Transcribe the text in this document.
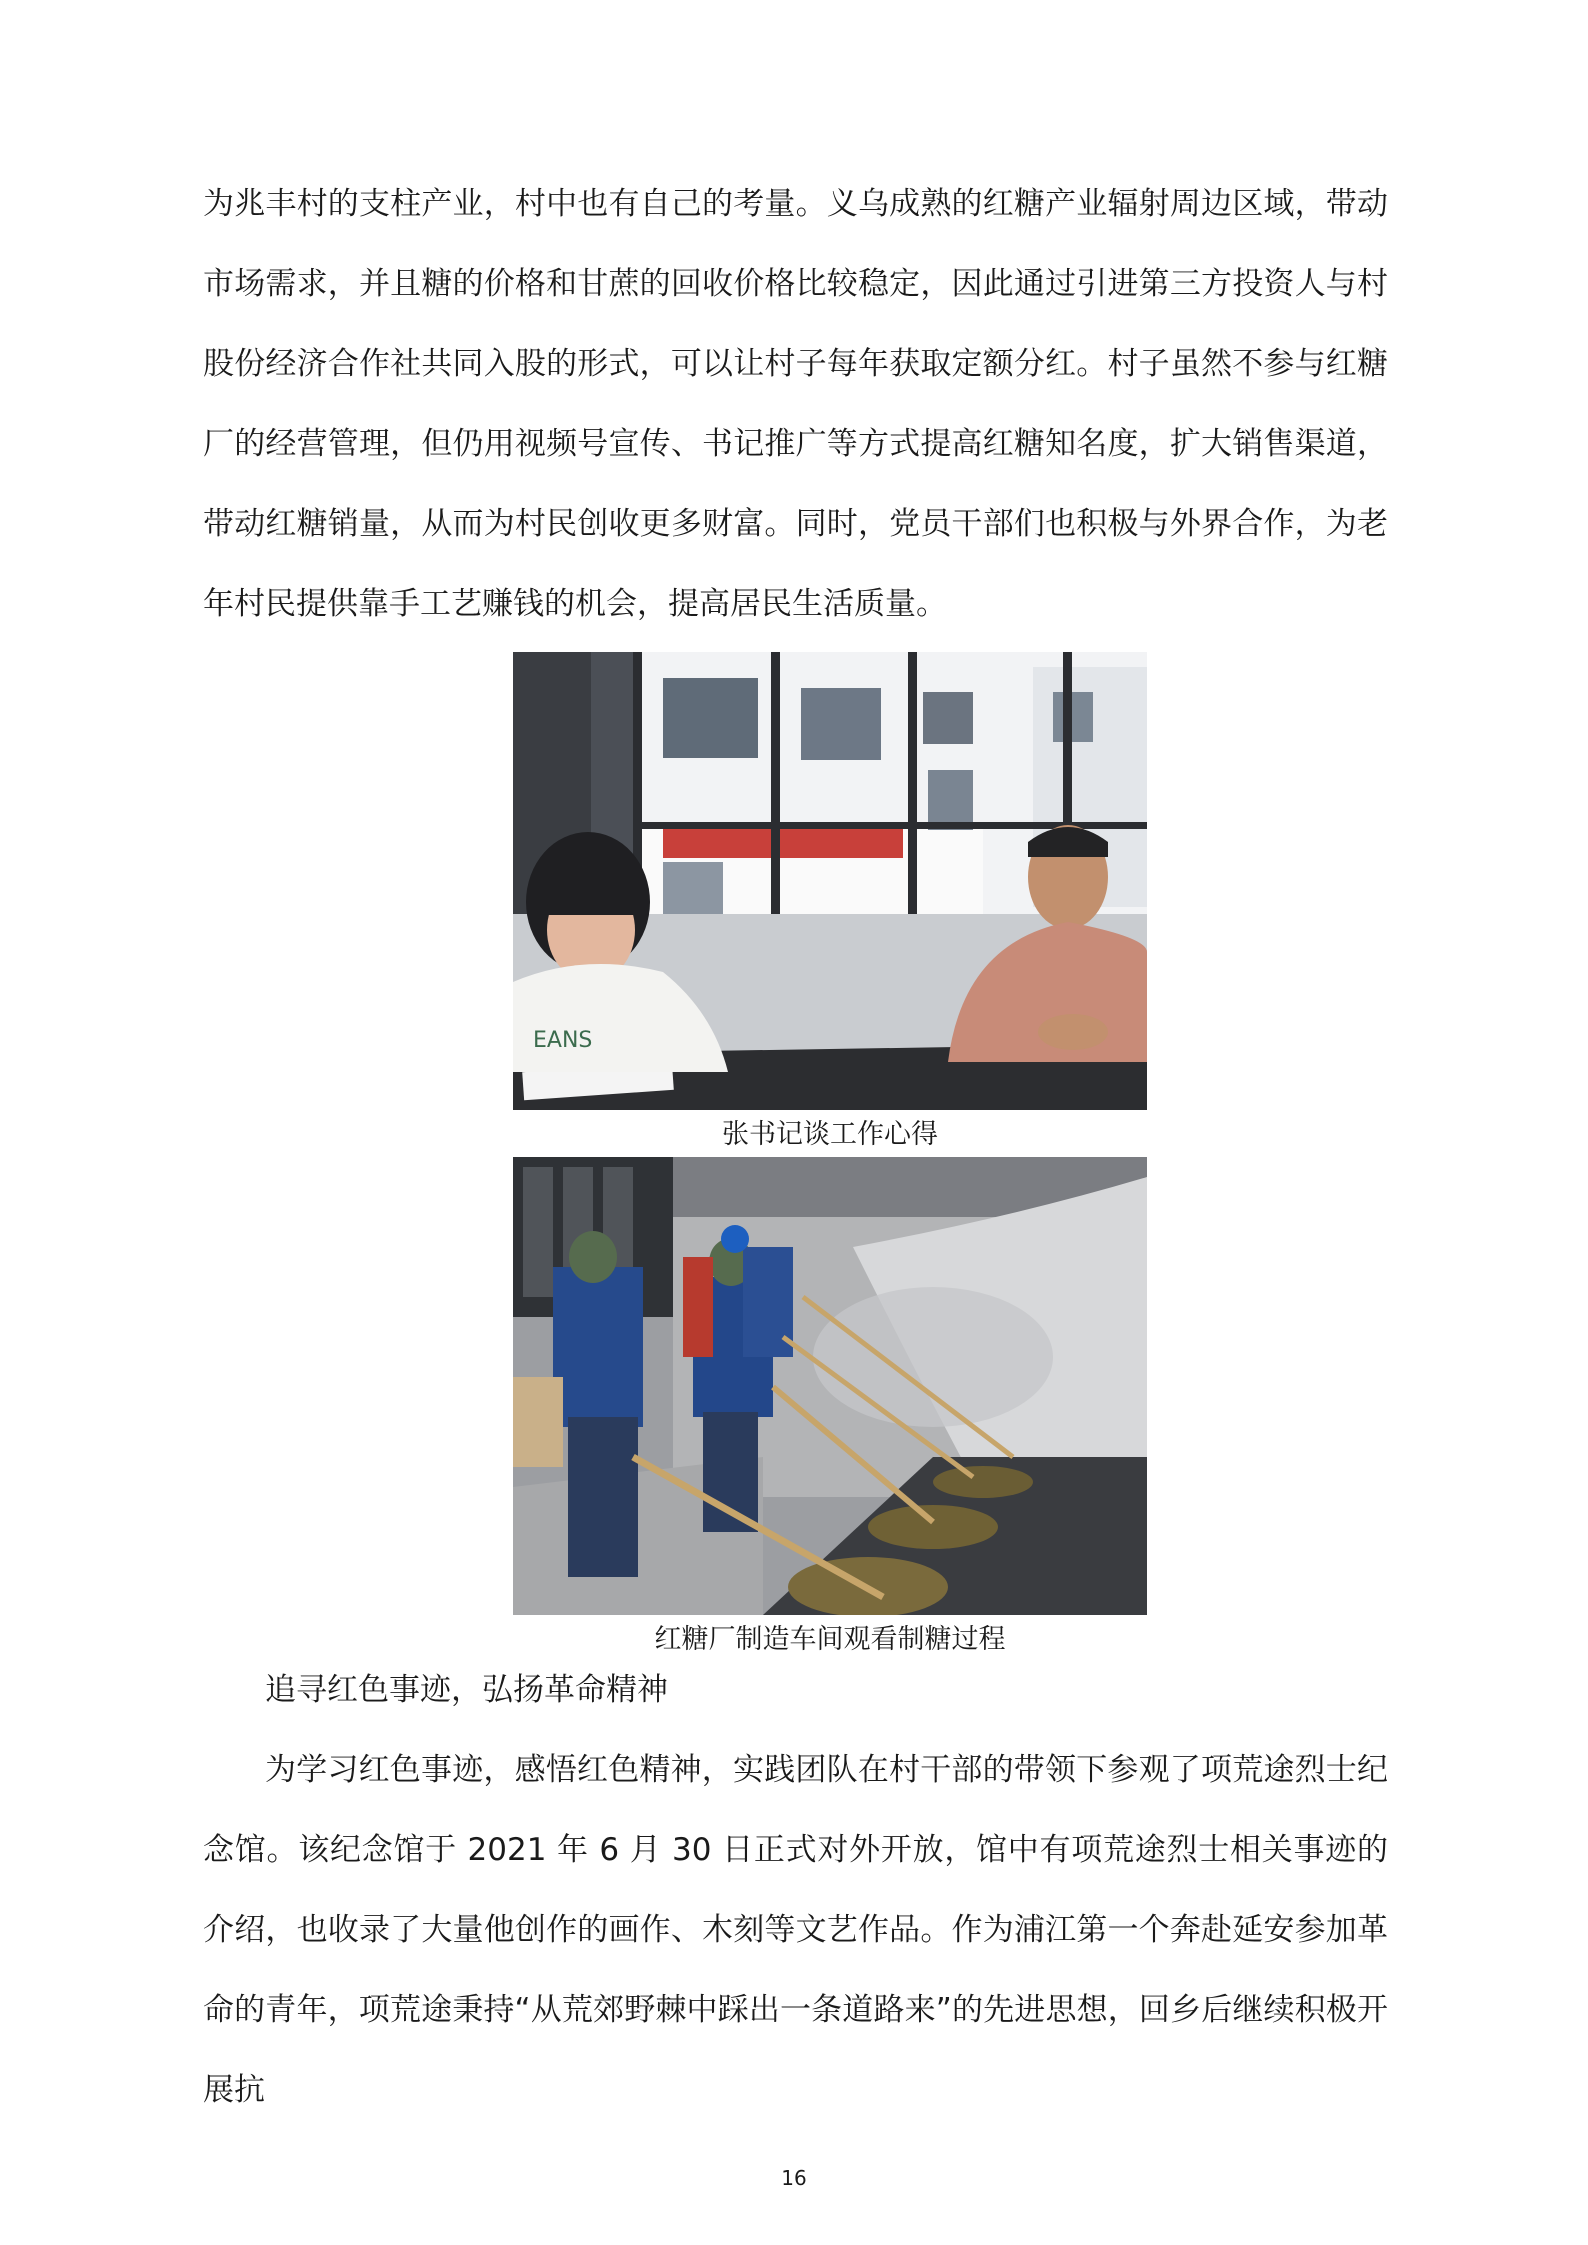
为兆丰村的支柱产业，村中也有自己的考量。义乌成熟的红糖产业辐射周边区域，带动市场需求，并且糖的价格和甘蔗的回收价格比较稳定，因此通过引进第三方投资人与村股份经济合作社共同入股的形式，可以让村子每年获取定额分红。村子虽然不参与红糖厂的经营管理，但仍用视频号宣传、书记推广等方式提高红糖知名度，扩大销售渠道，带动红糖销量，从而为村民创收更多财富。同时，党员干部们也积极与外界合作，为老年村民提供靠手工艺赚钱的机会，提高居民生活质量。

EANS
张书记谈工作心得
红糖厂制造车间观看制糖过程

追寻红色事迹，弘扬革命精神

为学习红色事迹，感悟红色精神，实践团队在村干部的带领下参观了项荒途烈士纪念馆。该纪念馆于 2021 年 6 月 30 日正式对外开放，馆中有项荒途烈士相关事迹的介绍，也收录了大量他创作的画作、木刻等文艺作品。作为浦江第一个奔赴延安参加革命的青年，项荒途秉持“从荒郊野棘中踩出一条道路来”的先进思想，回乡后继续积极开展抗

16
